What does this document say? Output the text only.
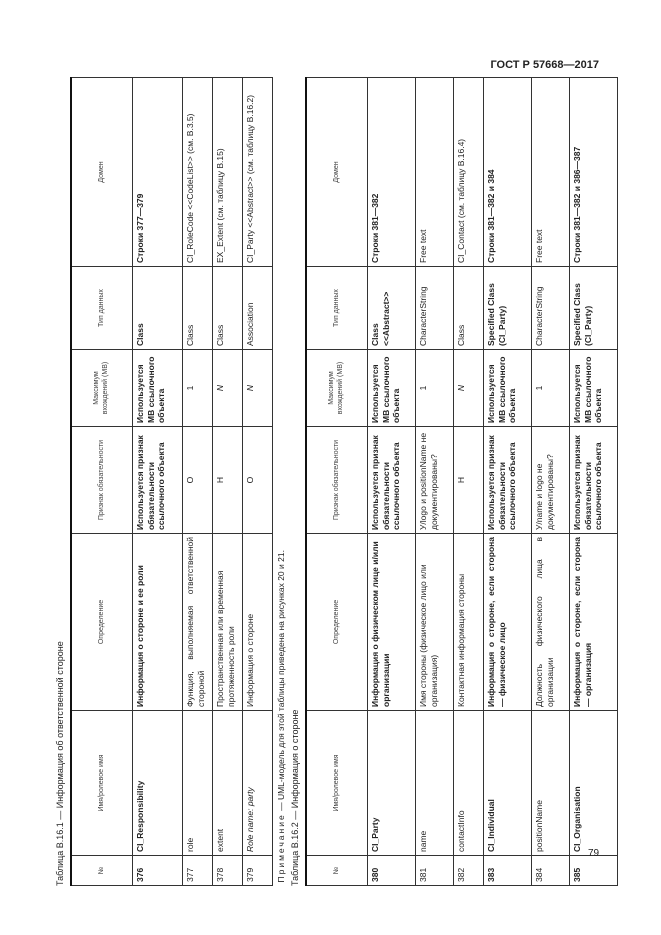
ГОСТ Р 57668—2017
Таблица В.16.1 — Информация об ответственной стороне	№	Имя/ролевое имя	Определение	Признак обязательности	Максимум вхождений (МВ)	Тип данных	Домен
376	CI_Responsibility	Информация о стороне и ее роли	Используется признак обязательности ссылочного объекта	Используется МВ ссылочного объекта	Class	Строки 377—379
377	role	Функция, выполняемая ответственной стороной	О	1	Class	CI_RoleCode <<CodeList>> (см. В.3.5)
378	extent	Пространственная или временная протяженность роли	Н	N	Class	EX_Extent (см. таблицу В.15)
379	Role name: party	Информация о стороне	О	N	Association	CI_Party <<Abstract>> (см. таблицу В.16.2)
Примечание — UML-модель для этой таблицы приведена на рисунках 20 и 21.						Таблица В.16.2 — Информация о стороне	№	Имя/ролевое имя	Определение	Признак обязательности	Максимум вхождений (МВ)	Тип данных	Домен
380	CI_Party	Информация о физическом лице и/или организации	Используется признак обязательности ссылочного объекта	Используется МВ ссылочного объекта	Class <<Abstract>>	Строки 381—382
381	name	Имя стороны (физическое лицо или организация)	У/logo и positionName не документированы?	1	CharacterString	Free text
382	contactInfo	Контактная информация стороны	Н	N	Class	CI_Contact (см. таблицу В.16.4)
383	CI_Individual	Информация о стороне, если сторона — физическое лицо	Используется признак обязательности ссылочного объекта	Используется МВ ссылочного объекта	Specified Class (CI_Party)	Строки 381—382 и 384
384	positionName	Должность физического лица в организации	У/name и logo не документированы?	1	CharacterString	Free text
385	CI_Organisation	Информация о стороне, если сторона — организация	Используется признак обязательности ссылочного объекта	Используется МВ ссылочного объекта	Specified Class (CI_Party)	Строки 381—382 и 386—387
79
